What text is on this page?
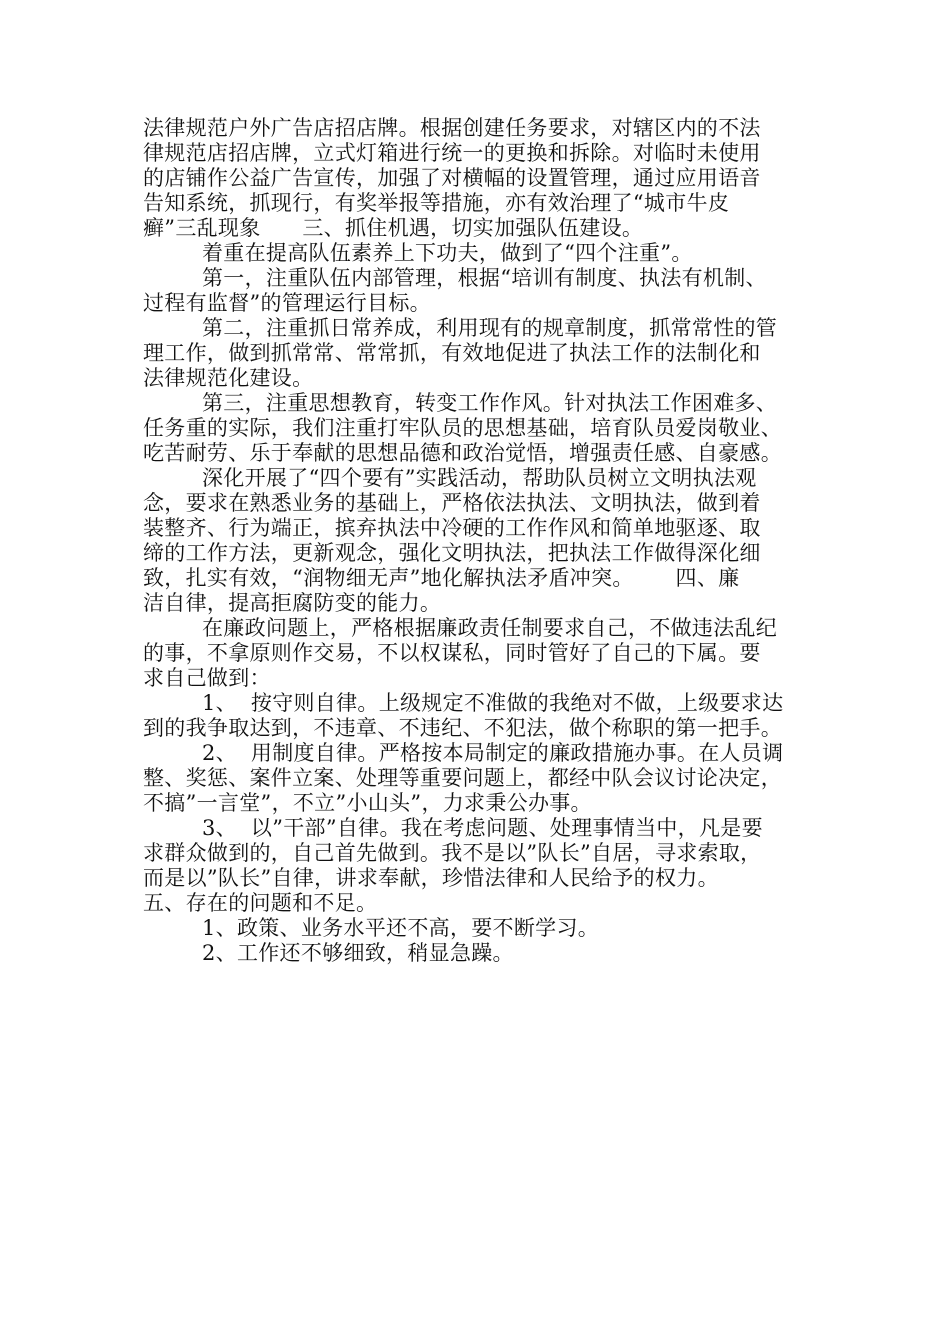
法律规范户外广告店招店牌。根据创建任务要求，对辖区内的不法
律规范店招店牌，立式灯箱进行统一的更换和拆除。对临时未使用
的店铺作公益广告宣传，加强了对横幅的设置管理，通过应用语音
告知系统，抓现行，有奖举报等措施，亦有效治理了“城市牛皮
癣”三乱现象      三、抓住机遇，切实加强队伍建设。
着重在提高队伍素养上下功夫，做到了“四个注重”。
第一，注重队伍内部管理，根据“培训有制度、执法有机制、
过程有监督”的管理运行目标。
第二，注重抓日常养成，利用现有的规章制度，抓常常性的管
理工作，做到抓常常、常常抓，有效地促进了执法工作的法制化和
法律规范化建设。
第三，注重思想教育，转变工作作风。针对执法工作困难多、
任务重的实际，我们注重打牢队员的思想基础，培育队员爱岗敬业、
吃苦耐劳、乐于奉献的思想品德和政治觉悟，增强责任感、自豪感。
深化开展了“四个要有”实践活动，帮助队员树立文明执法观
念，要求在熟悉业务的基础上，严格依法执法、文明执法，做到着
装整齐、行为端正，摈弃执法中冷硬的工作作风和简单地驱逐、取
缔的工作方法，更新观念，强化文明执法，把执法工作做得深化细
致，扎实有效，“润物细无声”地化解执法矛盾冲突。      四、廉
洁自律，提高拒腐防变的能力。
在廉政问题上，严格根据廉政责任制要求自己，不做违法乱纪
的事，不拿原则作交易，不以权谋私，同时管好了自己的下属。要
求自己做到：
1、  按守则自律。上级规定不准做的我绝对不做，上级要求达
到的我争取达到，不违章、不违纪、不犯法，做个称职的第一把手。
2、  用制度自律。严格按本局制定的廉政措施办事。在人员调
整、奖惩、案件立案、处理等重要问题上，都经中队会议讨论决定，
不搞”一言堂”，不立”小山头”，力求秉公办事。
3、  以”干部”自律。我在考虑问题、处理事情当中，凡是要
求群众做到的，自己首先做到。我不是以”队长”自居，寻求索取，
而是以”队长”自律，讲求奉献，珍惜法律和人民给予的权力。
五、存在的问题和不足。
1、政策、业务水平还不高，要不断学习。
2、工作还不够细致，稍显急躁。
